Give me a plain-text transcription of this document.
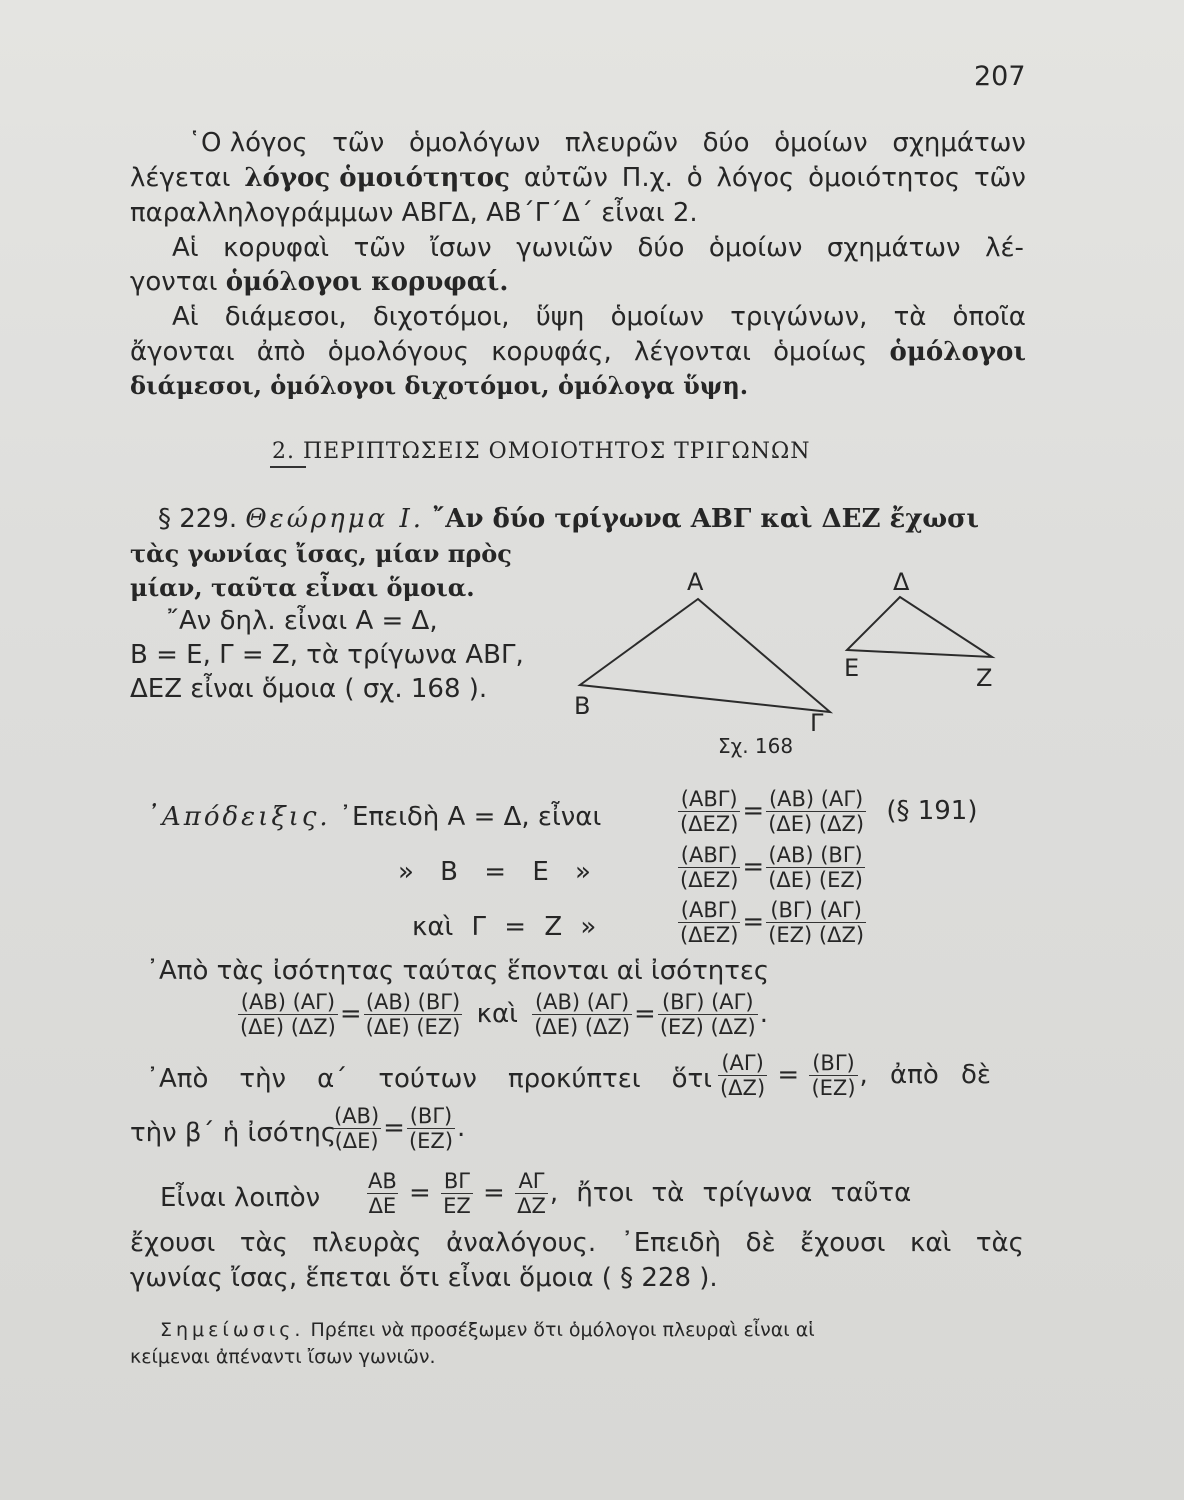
207
῾Ο λόγος τῶν ὁμολόγων πλευρῶν δύο ὁμοίων σχημάτων
λέγεται λόγος ὁμοιότητος αὐτῶν Π.χ. ὁ λόγος ὁμοιότητος τῶν
παραλληλογράμμων ΑΒΓΔ, ΑΒ΄Γ΄Δ΄ εἶναι 2.
Αἱ κορυφαὶ τῶν ἴσων γωνιῶν δύο ὁμοίων σχημάτων λέ-
γονται ὁμόλογοι κορυφαί.
Αἱ διάμεσοι, διχοτόμοι, ὕψη ὁμοίων τριγώνων, τὰ ὁποῖα
ἄγονται ἀπὸ ὁμολόγους κορυφάς, λέγονται ὁμοίως ὁμόλογοι
διάμεσοι, ὁμόλογοι διχοτόμοι, ὁμόλογα ὕψη.
2. ΠΕΡΙΠΤΩΣΕΙΣ ΟΜΟΙΟΤΗΤΟΣ ΤΡΙΓΩΝΩΝ
§ 229. Θεώρημα Ι. ῎Αν δύο τρίγωνα ΑΒΓ καὶ ΔΕΖ ἔχωσι
τὰς γωνίας ἴσας, μίαν πρὸς
μίαν, ταῦτα εἶναι ὅμοια.
῎Αν δηλ. εἶναι Α = Δ,
Β = Ε, Γ = Ζ, τὰ τρίγωνα ΑΒΓ,
ΔΕΖ εἶναι ὅμοια ( σχ. 168 ).
Α
Β
Γ
Δ
Ε	Ζ
Σχ. 168
᾿Απόδειξις. ᾿Επειδὴ Α = Δ, εἶναι	$\frac{\text{(ΑΒΓ)}}{\text{(ΔΕΖ)}} = \frac{(AB) (A\Gamma)}{(\Delta E) (\Delta Z)}$ (§ 191)
» Β = Ε »	$\frac{\text{(ΑΒΓ)}}{\text{(ΔΕΖ)}} = \frac{(AB) (B\Gamma)}{(\Delta E) (EZ)}$
καὶ Γ = Ζ »	$\frac{\text{(ΑΒΓ)}}{\text{(ΔΕΖ)}} = \frac{(B\Gamma) (A\Gamma)}{(EZ) (\Delta Z)}$
᾿Απὸ τὰς ἰσότητας ταύτας ἕπονται αἱ ἰσότητες
$\frac{(AB) (A\Gamma)}{(\Delta E) (\Delta Z)} = \frac{(AB) (B\Gamma)}{(\Delta E) (EZ)}$ καὶ $\frac{(AB) (A\Gamma)}{(\Delta E) (\Delta Z)} = \frac{(B\Gamma) (A\Gamma)}{(EZ) (\Delta Z)}$ .
᾿Απὸ τὴν α΄ τούτων προκύπτει ὅτι $\frac{(A\Gamma)}{(\Delta Z)} = \frac{(B\Gamma)}{(EZ)}$ , ἀπὸ δὲ
τὴν β΄ ἡ ἰσότης
$\frac{(AB)}{(\Delta E)} = \frac{(B\Gamma)}{(EZ)}$ .
Εἶναι λοιπὸν $\frac{AB}{\Delta E} = \frac{B\Gamma}{EZ} = \frac{A\Gamma}{\Delta Z}$ , ἤτοι τὰ τρίγωνα ταῦτα
ἔχουσι τὰς πλευρὰς ἀναλόγους. ᾿Επειδὴ δὲ ἔχουσι καὶ τὰς
γωνίας ἴσας, ἕπεται ὅτι εἶναι ὅμοια ( § 228 ).
Σημείωσις. Πρέπει νὰ προσέξωμεν ὅτι ὁμόλογοι πλευραὶ εἶναι αἱ
κείμεναι ἀπέναντι ἴσων γωνιῶν.
